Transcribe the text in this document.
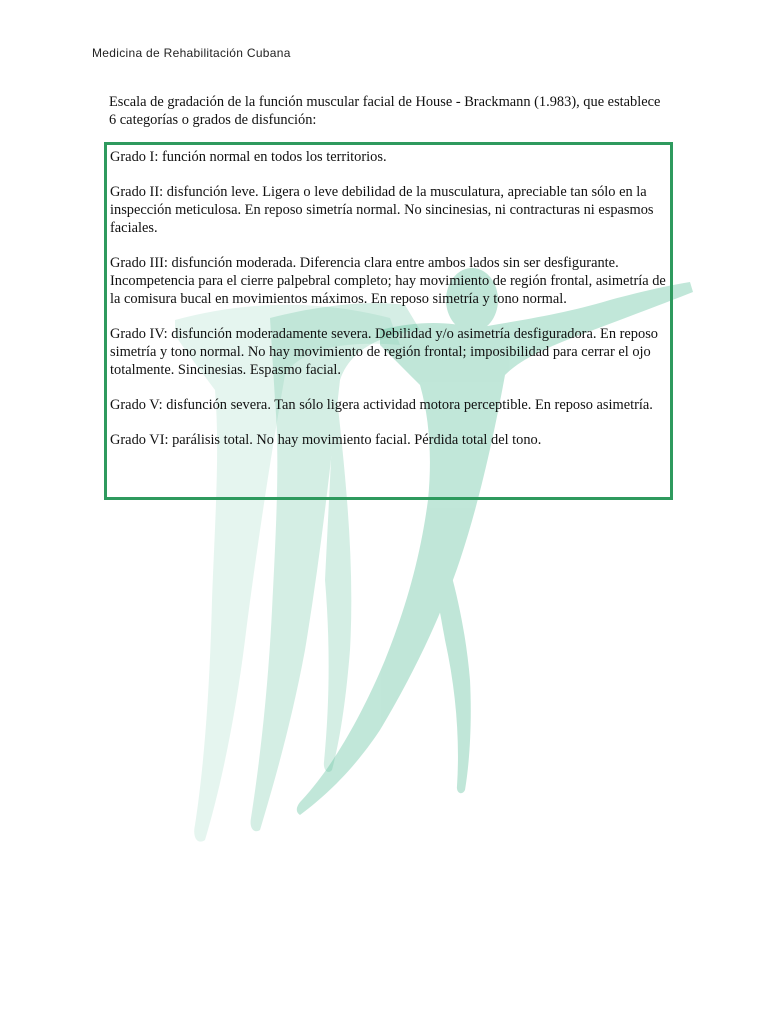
Medicina de Rehabilitación Cubana
Escala de gradación de la función muscular facial de House - Brackmann (1.983), que establece 6 categorías o grados de disfunción:
Grado I: función normal en todos los territorios.
Grado II: disfunción leve. Ligera o leve debilidad de la musculatura, apreciable tan sólo en la inspección meticulosa. En reposo simetría normal. No sincinesias, ni contracturas ni espasmos faciales.
Grado III: disfunción moderada. Diferencia clara entre ambos lados sin ser desfigurante. Incompetencia para el cierre palpebral completo; hay movimiento de región frontal, asimetría de la comisura bucal en movimientos máximos. En reposo simetría y tono normal.
Grado IV: disfunción moderadamente severa. Debilidad y/o asimetría desfiguradora. En reposo simetría y tono normal. No hay movimiento de región frontal; imposibilidad para cerrar el ojo totalmente. Sincinesias. Espasmo facial.
Grado V: disfunción severa. Tan sólo ligera actividad motora perceptible. En reposo asimetría.
Grado VI: parálisis total. No hay movimiento facial. Pérdida total del tono.
